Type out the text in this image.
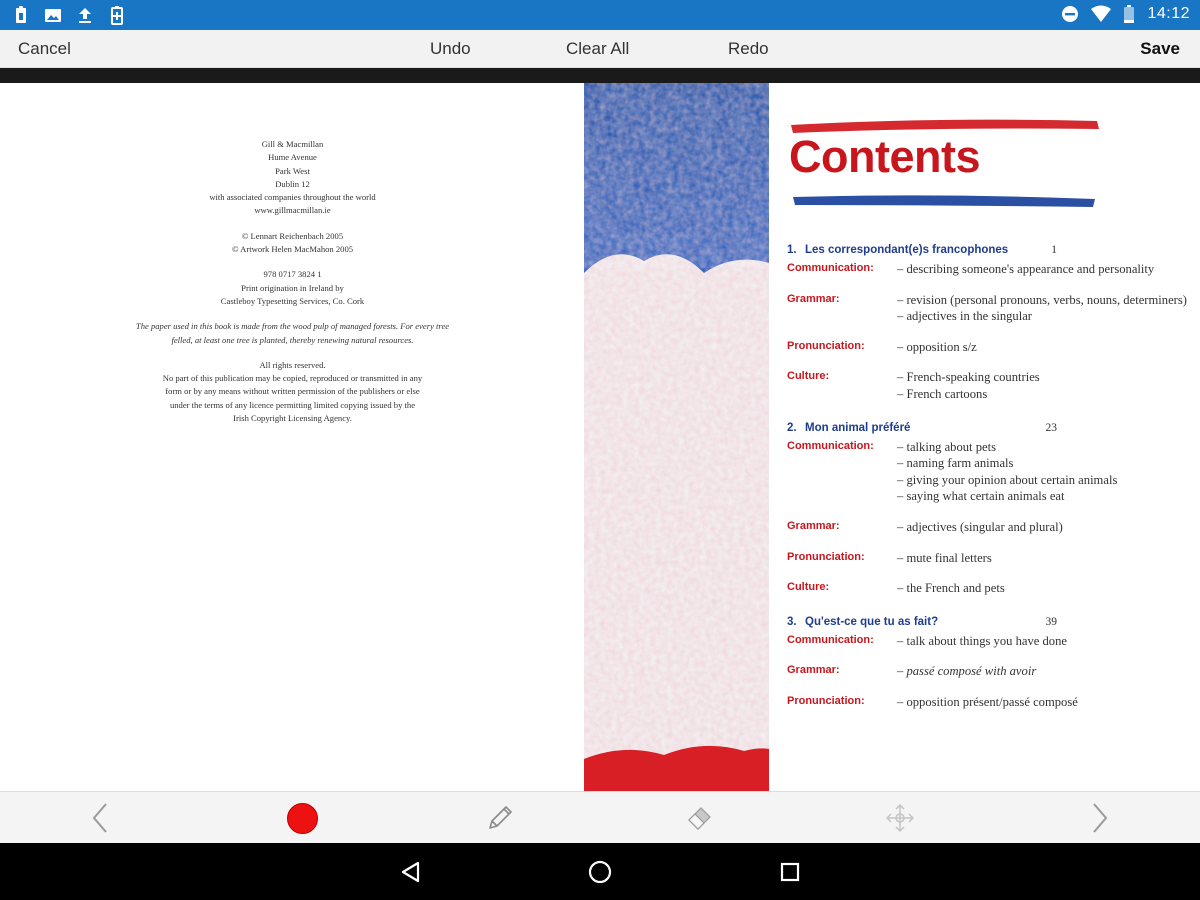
14:12
Cancel	Undo	Clear All	Redo	Save
Gill & Macmillan
Hume Avenue
Park West
Dublin 12
with associated companies throughout the world
www.gillmacmillan.ie
© Lennart Reichenbach 2005
© Artwork Helen MacMahon 2005
978 0717 3824 1
Print origination in Ireland by
Castleboy Typesetting Services, Co. Cork
The paper used in this book is made from the wood pulp of managed forests. For every tree
felled, at least one tree is planted, thereby renewing natural resources.
All rights reserved.
No part of this publication may be copied, reproduced or transmitted in any
form or by any means without written permission of the publishers or else
under the terms of any licence permitting limited copying issued by the
Irish Copyright Licensing Agency.
Contents
1. Les correspondant(e)s francophones	1
Communication:	– describing someone's appearance and personality
Grammar:	– revision (personal pronouns, verbs, nouns, determiners)
– adjectives in the singular
Pronunciation:	– opposition s/z
Culture:	– French-speaking countries
– French cartoons
2. Mon animal préféré	23
Communication:	– talking about pets
– naming farm animals
– giving your opinion about certain animals
– saying what certain animals eat
Grammar:	– adjectives (singular and plural)
Pronunciation:	– mute final letters
Culture:	– the French and pets
3. Qu'est-ce que tu as fait?	39
Communication:	– talk about things you have done
Grammar:	– passé composé with avoir
Pronunciation:	– opposition présent/passé composé
